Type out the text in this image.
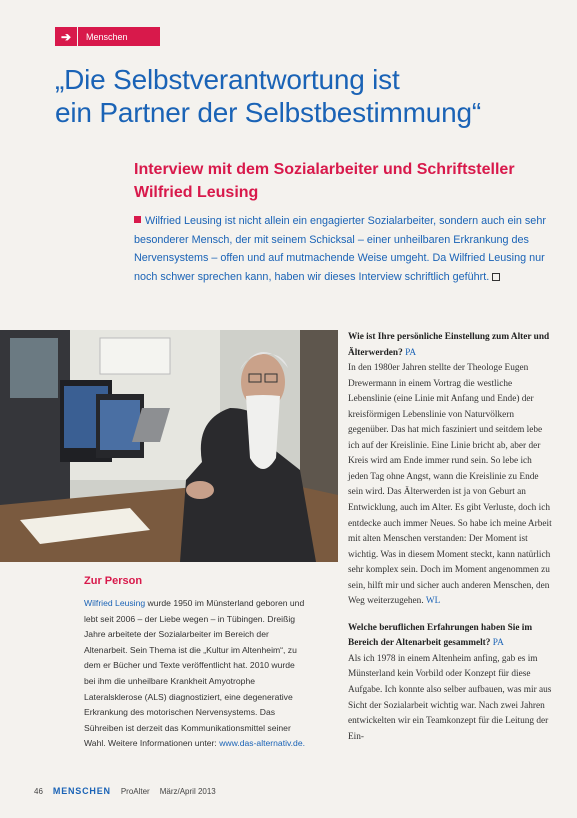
➔	Menschen
„Die Selbstverantwortung ist
ein Partner der Selbstbestimmung“
Interview mit dem Sozialarbeiter und Schriftsteller
Wilfried Leusing

Wilfried Leusing ist nicht allein ein engagierter Sozialarbeiter, sondern auch ein sehr besonderer Mensch, der mit seinem Schicksal – einer unheilbaren Erkrankung des Nervensystems – offen und auf mutmachende Weise umgeht. Da Wilfried Leusing nur noch schwer sprechen kann, haben wir dieses Interview schriftlich geführt.

Zur Person

Wilfried Leusing wurde 1950 im Münsterland geboren und lebt seit 2006 – der Liebe wegen – in Tübingen. Dreißig Jahre arbeitete der Sozialarbeiter im Bereich der Altenarbeit. Sein Thema ist die „Kultur im Altenheim“, zu dem er Bücher und Texte veröffentlicht hat. 2010 wurde bei ihm die unheilbare Krankheit Amyotrophe Lateralsklerose (ALS) diagnostiziert, eine degenerative Erkrankung des motorischen Nervensystems. Das Sühreiben ist derzeit das Kommunikationsmittel seiner Wahl. Weitere Informationen unter: www.das-alternativ.de.

Wie ist Ihre persönliche Einstellung zum Alter und Älterwerden? PA

In den 1980er Jahren stellte der Theologe Eugen Drewermann in einem Vortrag die westliche Lebenslinie (eine Linie mit Anfang und Ende) der kreisförmigen Lebenslinie von Naturvölkern gegenüber. Das hat mich fasziniert und seitdem lebe ich auf der Kreislinie. Eine Linie bricht ab, aber der Kreis wird am Ende immer rund sein. So lebe ich jeden Tag ohne Angst, wann die Kreislinie zu Ende sein wird. Das Älterwerden ist ja von Geburt an Entwicklung, auch im Alter. Es gibt Verluste, doch ich entdecke auch immer Neues. So habe ich meine Arbeit mit alten Menschen verstanden: Der Moment ist wichtig. Was in diesem Moment steckt, kann natürlich sehr komplex sein. Doch im Moment angenommen zu sein, hilft mir und sicher auch anderen Menschen, den Weg weiterzugehen. WL

Welche beruflichen Erfahrungen haben Sie im Bereich der Altenarbeit gesammelt? PA

Als ich 1978 in einem Altenheim anfing, gab es im Münsterland kein Vorbild oder Konzept für diese Aufgabe. Ich konnte also selber aufbauen, was mir aus Sicht der Sozialarbeit wichtig war. Nach zwei Jahren entwickelten wir ein Teamkonzept für die Leitung der Ein-

46 MENSCHEN ProAlter März/April 2013
